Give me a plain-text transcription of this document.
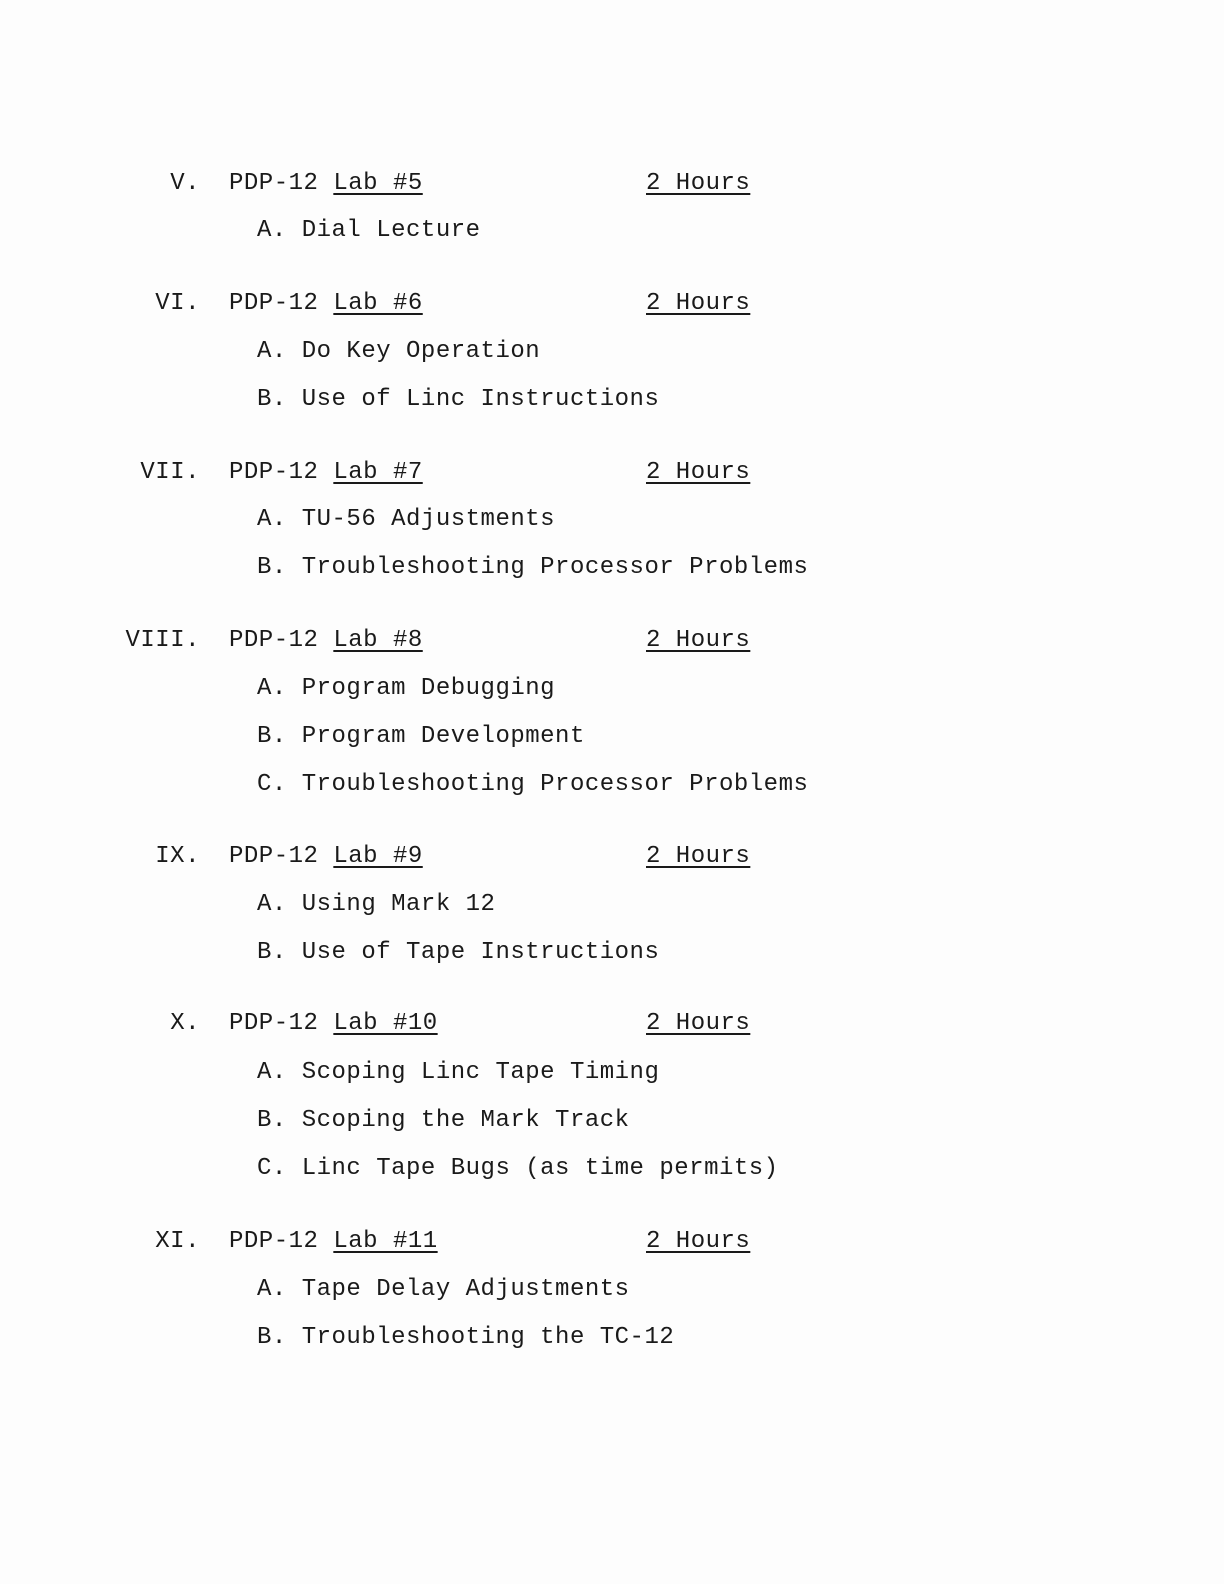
V. PDP-12 Lab #5	2 Hours
A. Dial Lecture
VI. PDP-12 Lab #6	2 Hours
A. Do Key Operation
B. Use of Linc Instructions
VII. PDP-12 Lab #7	2 Hours
A. TU-56 Adjustments
B. Troubleshooting Processor Problems
VIII. PDP-12 Lab #8	2 Hours
A. Program Debugging
B. Program Development
C. Troubleshooting Processor Problems
IX. PDP-12 Lab #9	2 Hours
A. Using Mark 12
B. Use of Tape Instructions
X. PDP-12 Lab #10	2 Hours
A. Scoping Linc Tape Timing
B. Scoping the Mark Track
C. Linc Tape Bugs (as time permits)
XI. PDP-12 Lab #11	2 Hours
A. Tape Delay Adjustments
B. Troubleshooting the TC-12
